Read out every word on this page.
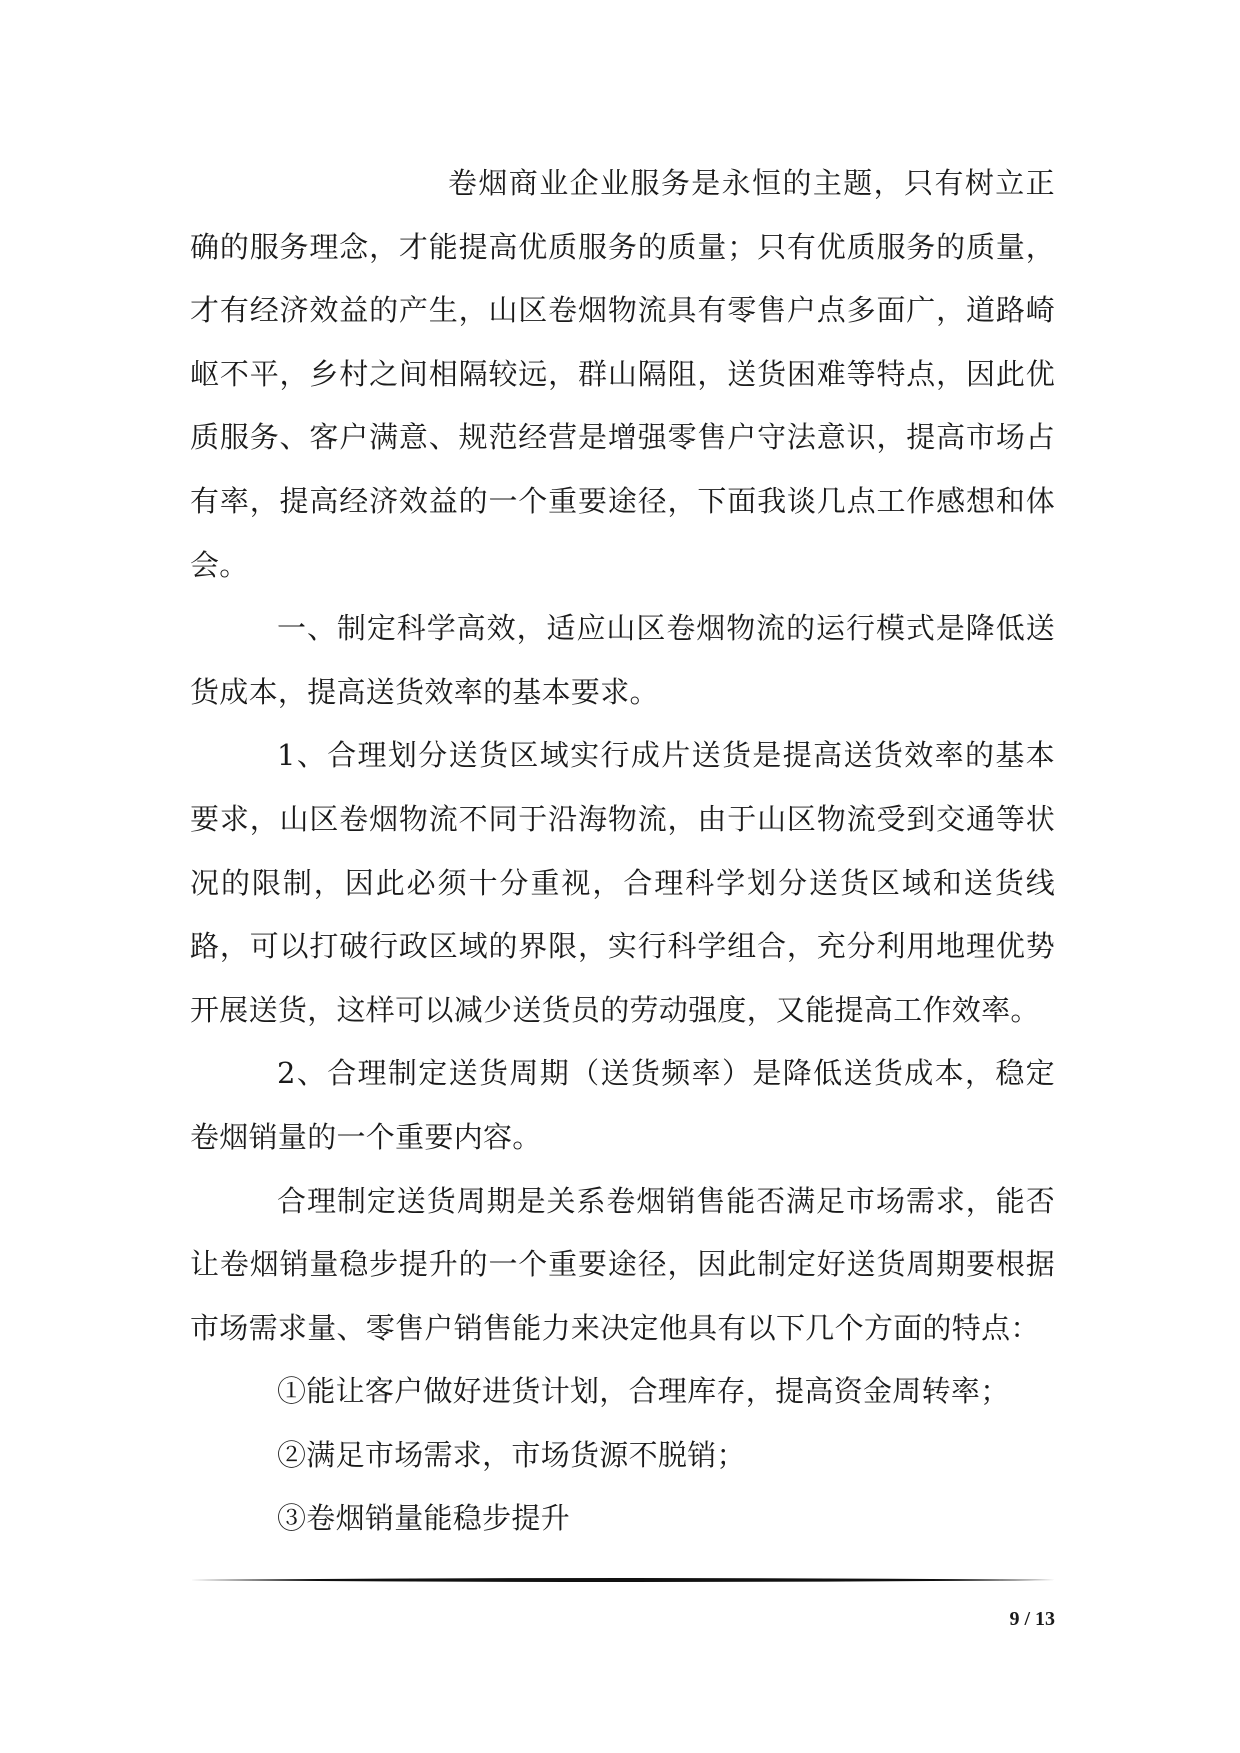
卷烟商业企业服务是永恒的主题，只有树立正确的服务理念，才能提高优质服务的质量；只有优质服务的质量，才有经济效益的产生，山区卷烟物流具有零售户点多面广，道路崎岖不平，乡村之间相隔较远，群山隔阻，送货困难等特点，因此优质服务、客户满意、规范经营是增强零售户守法意识，提高市场占有率，提高经济效益的一个重要途径，下面我谈几点工作感想和体会。

一、制定科学高效，适应山区卷烟物流的运行模式是降低送货成本，提高送货效率的基本要求。

1、合理划分送货区域实行成片送货是提高送货效率的基本要求，山区卷烟物流不同于沿海物流，由于山区物流受到交通等状况的限制，因此必须十分重视，合理科学划分送货区域和送货线路，可以打破行政区域的界限，实行科学组合，充分利用地理优势开展送货，这样可以减少送货员的劳动强度，又能提高工作效率。

2、合理制定送货周期（送货频率）是降低送货成本，稳定卷烟销量的一个重要内容。

合理制定送货周期是关系卷烟销售能否满足市场需求，能否让卷烟销量稳步提升的一个重要途径，因此制定好送货周期要根据市场需求量、零售户销售能力来决定他具有以下几个方面的特点：

①能让客户做好进货计划，合理库存，提高资金周转率；

②满足市场需求，市场货源不脱销；

③卷烟销量能稳步提升

9 / 13
